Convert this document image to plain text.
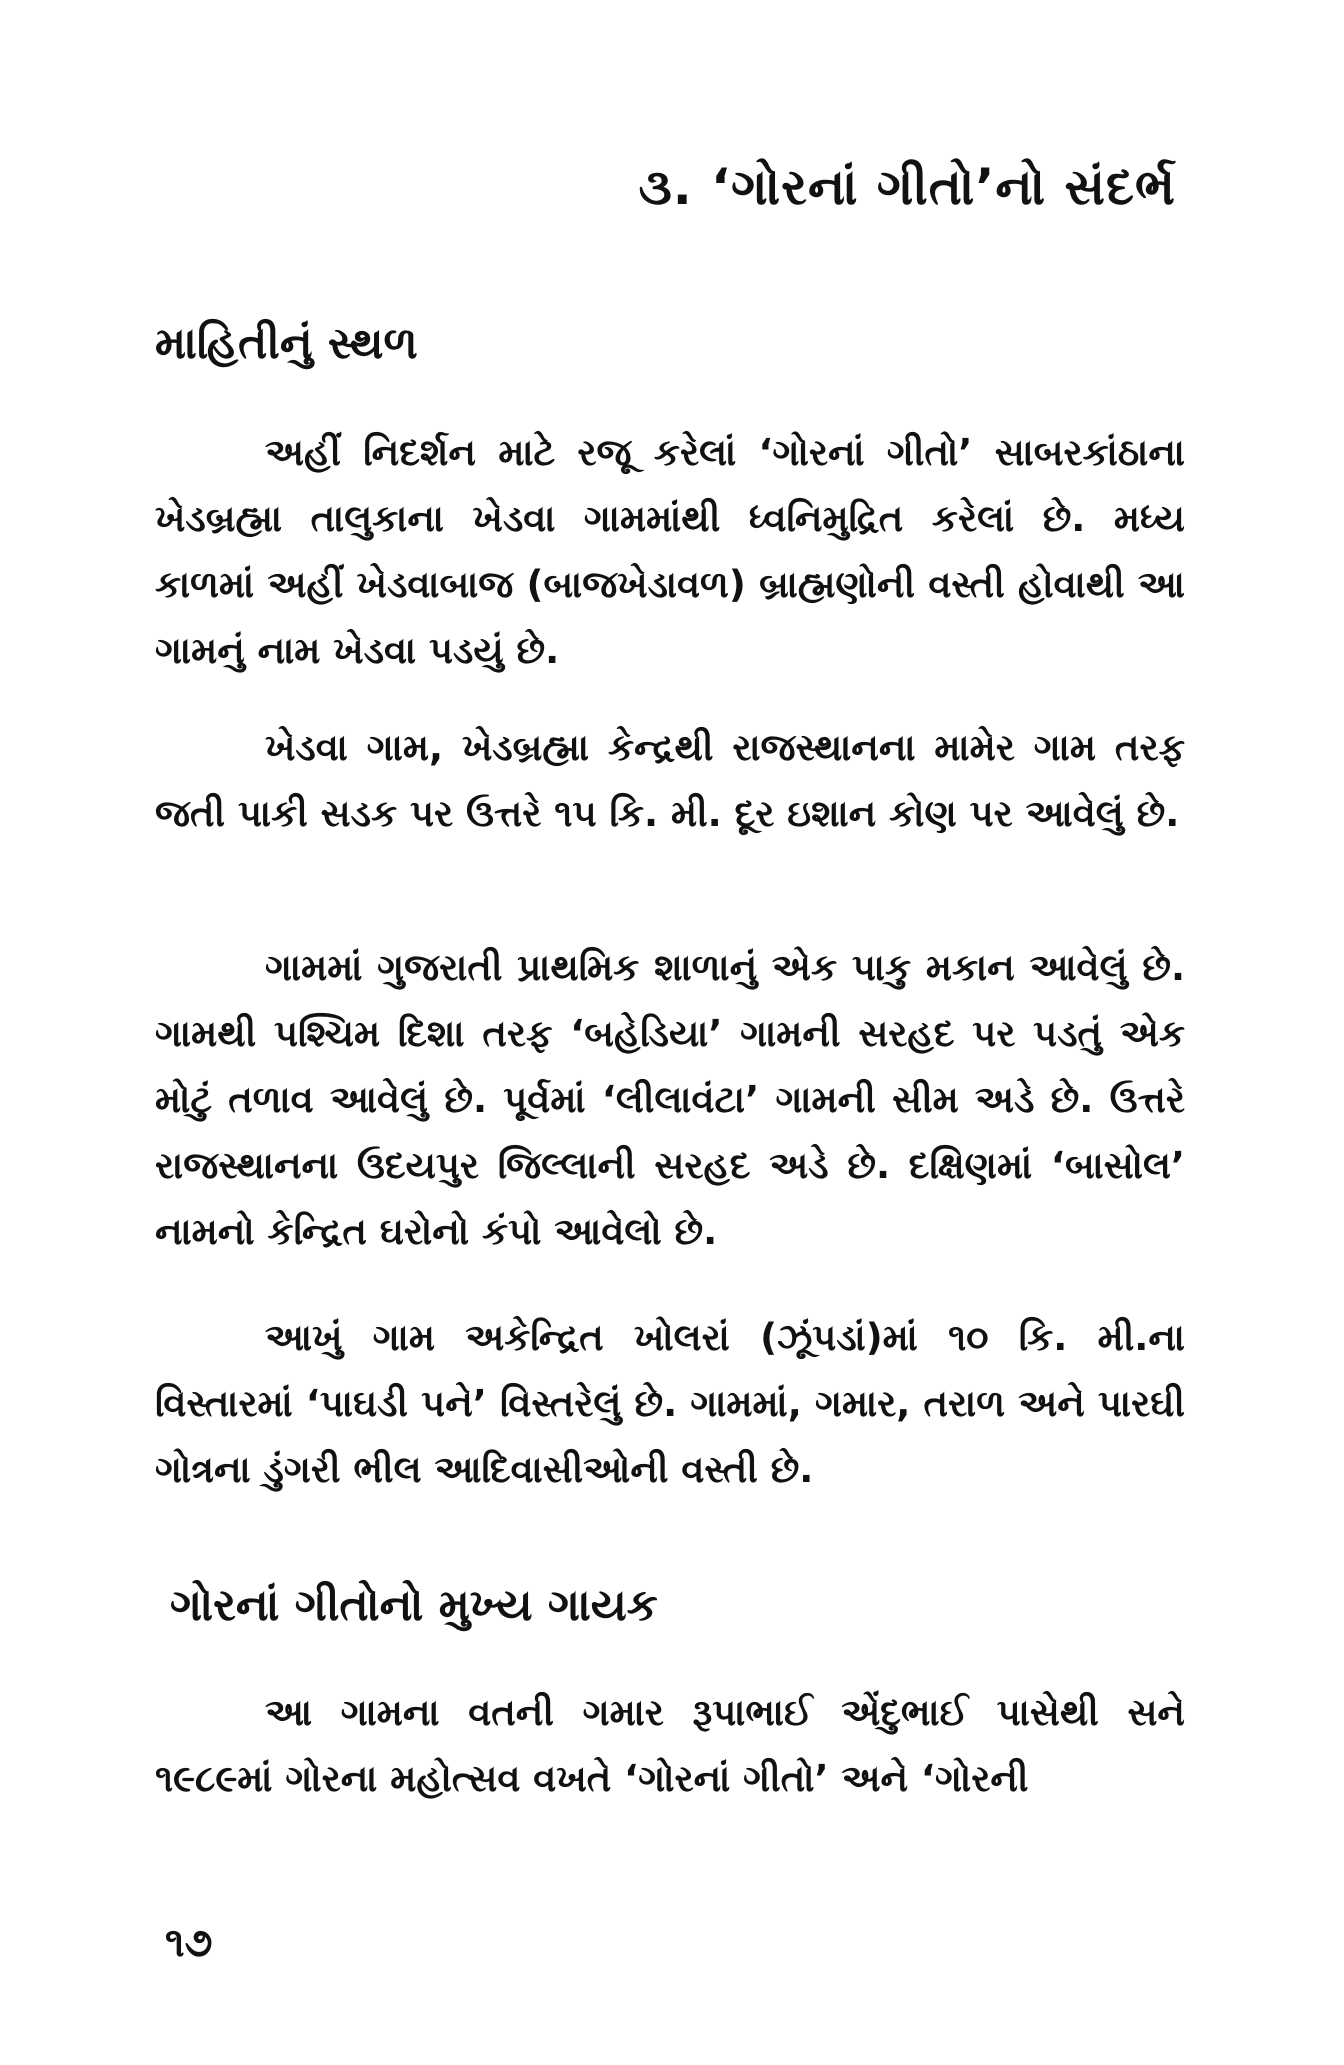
૩. ‘ગોરનાં ગીતો’નો સંદર્ભ
માહિતીનું સ્થળ
અહીં નિદર્શન માટે રજૂ કરેલાં ‘ગોરનાં ગીતો’ સાબરકાંઠાના ખેડબ્રહ્મા તાલુકાના ખેડવા ગામમાંથી ધ્વનિમુદ્રિત કરેલાં છે. મધ્ય કાળમાં અહીં ખેડવાબાજ (બાજખેડાવળ) બ્રાહ્મણોની વસ્તી હોવાથી આ ગામનું નામ ખેડવા પડયું છે.
ખેડવા ગામ, ખેડબ્રહ્મા કેન્દ્રથી રાજસ્થાનના મામેર ગામ તરફ જતી પાકી સડક પર ઉત્તરે ૧૫ કિ. મી. દૂર ઇશાન કોણ પર આવેલું છે.
ગામમાં ગુજરાતી પ્રાથમિક શાળાનું એક પાકુ મકાન આવેલું છે. ગામથી પશ્ચિમ દિશા તરફ ‘બહેડિયા’ ગામની સરહદ પર પડતું એક મોટું તળાવ આવેલું છે. પૂર્વમાં ‘લીલાવંટા’ ગામની સીમ અડે છે. ઉત્તરે રાજસ્થાનના ઉદયપુર જિલ્લાની સરહદ અડે છે. દક્ષિણમાં ‘બાસોલ’ નામનો કેન્દ્રિત ઘરોનો કંપો આવેલો છે.
આખું ગામ અકેન્દ્રિત ખોલરાં (ઝૂંપડાં)માં ૧૦ કિ. મી.ના વિસ્તારમાં ‘પાઘડી પને’ વિસ્તરેલું છે. ગામમાં, ગમાર, તરાળ અને પારઘી ગોત્રના ડુંગરી ભીલ આદિવાસીઓની વસ્તી છે.
ગોરનાં ગીતોનો મુખ્ય ગાયક
આ ગામના વતની ગમાર રૂપાભાઈ એંદુભાઈ પાસેથી સને ૧૯૮૯માં ગોરના મહોત્સવ વખતે ‘ગોરનાં ગીતો’ અને ‘ગોરની
૧૭
